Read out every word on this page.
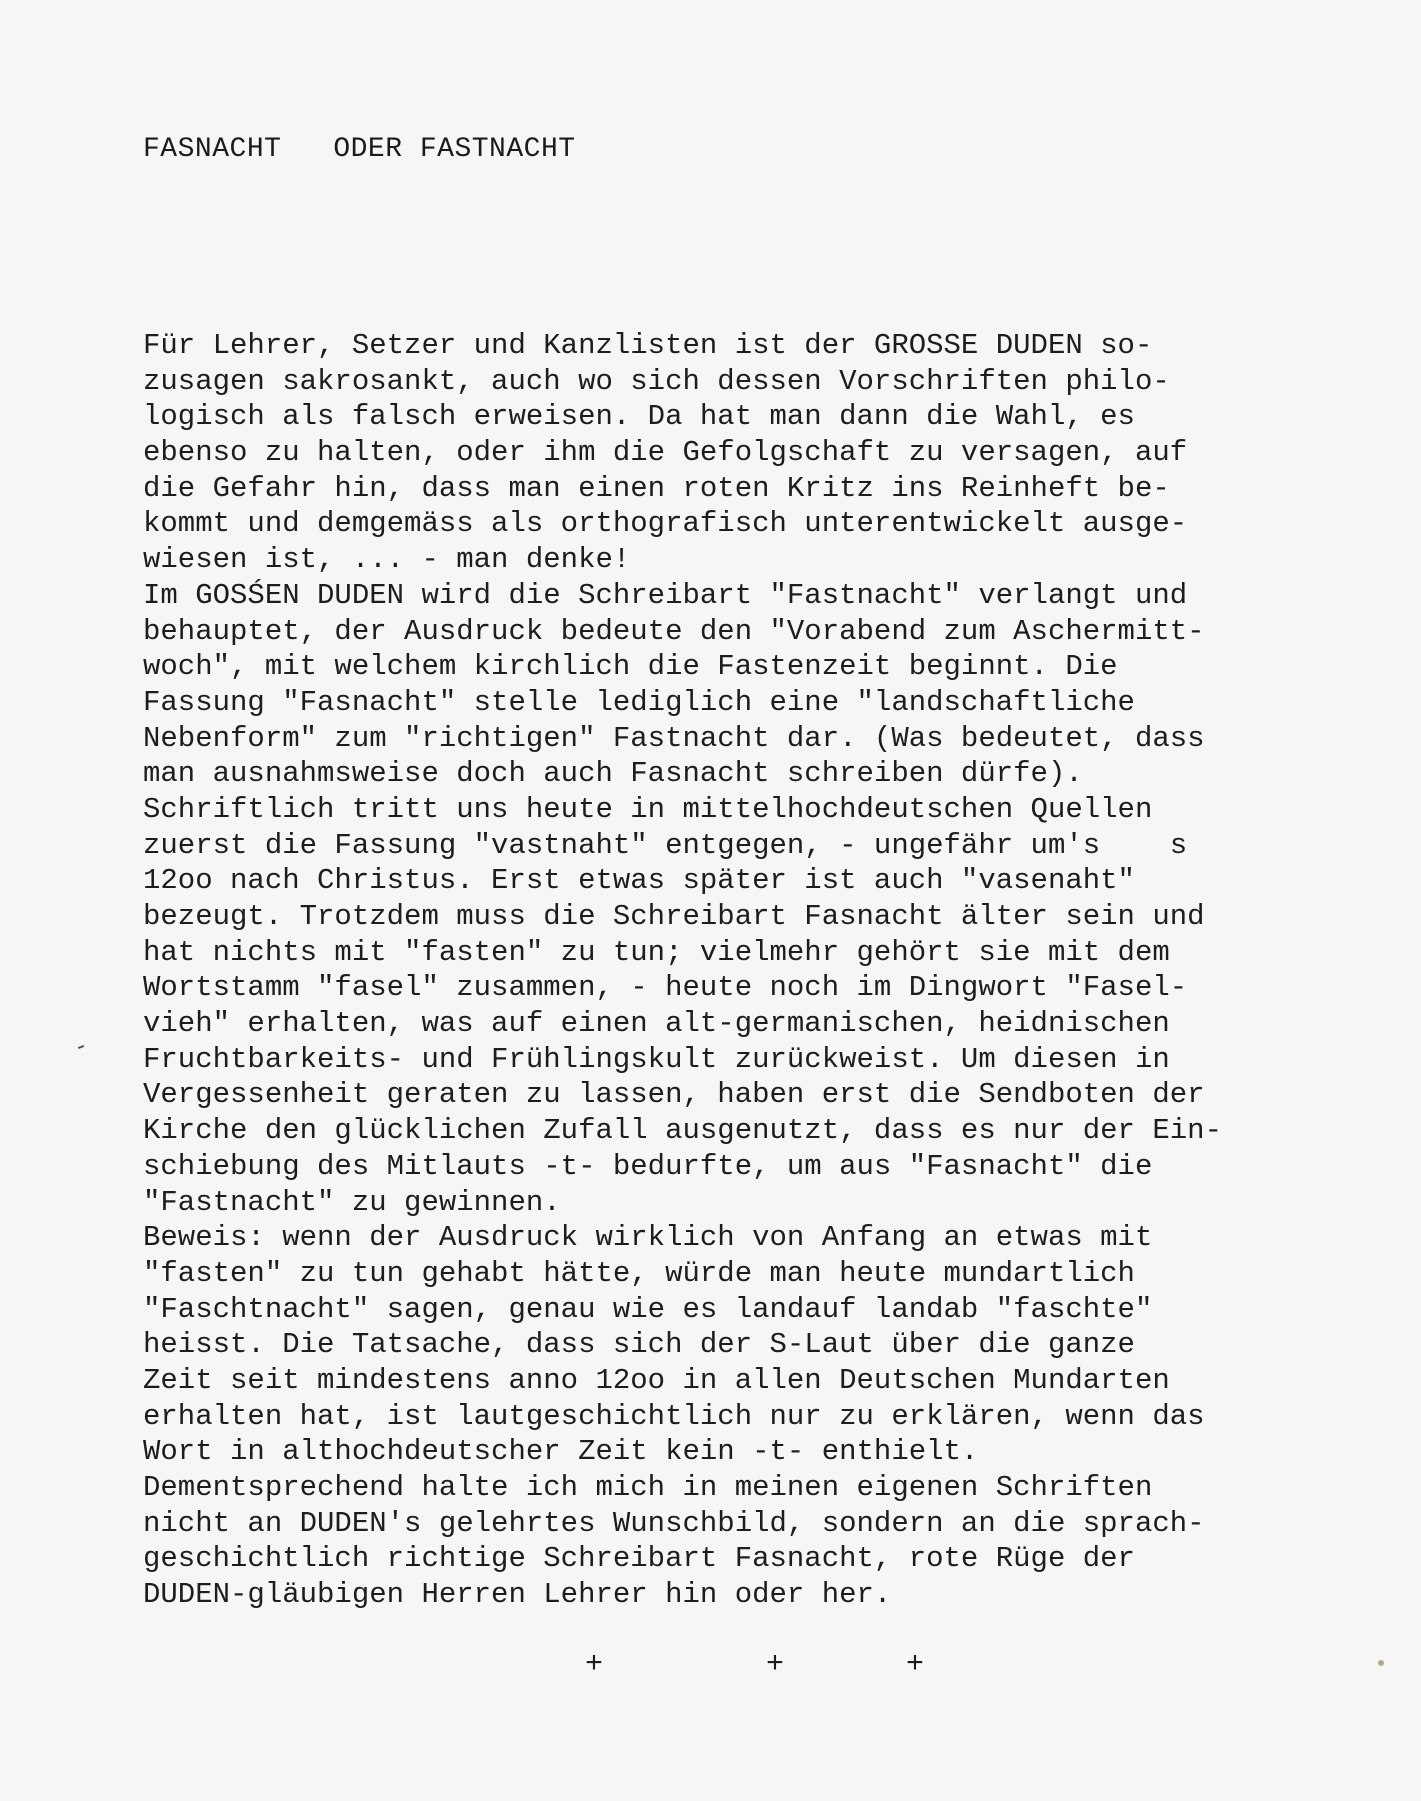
FASNACHT   ODER FASTNACHT
Für Lehrer, Setzer und Kanzlisten ist der GROSSE DUDEN so-
zusagen sakrosankt, auch wo sich dessen Vorschriften philo-
logisch als falsch erweisen. Da hat man dann die Wahl, es
ebenso zu halten, oder ihm die Gefolgschaft zu versagen, auf
die Gefahr hin, dass man einen roten Kritz ins Reinheft be-
kommt und demgemäss als orthografisch unterentwickelt ausge-
wiesen ist, ... - man denke!
Im GOSŚEN DUDEN wird die Schreibart "Fastnacht" verlangt und
behauptet, der Ausdruck bedeute den "Vorabend zum Aschermitt-
woch", mit welchem kirchlich die Fastenzeit beginnt. Die
Fassung "Fasnacht" stelle lediglich eine "landschaftliche
Nebenform" zum "richtigen" Fastnacht dar. (Was bedeutet, dass
man ausnahmsweise doch auch Fasnacht schreiben dürfe).
Schriftlich tritt uns heute in mittelhochdeutschen Quellen
zuerst die Fassung "vastnaht" entgegen, - ungefähr um's    s
12oo nach Christus. Erst etwas später ist auch "vasenaht"
bezeugt. Trotzdem muss die Schreibart Fasnacht älter sein und
hat nichts mit "fasten" zu tun; vielmehr gehört sie mit dem
Wortstamm "fasel" zusammen, - heute noch im Dingwort "Fasel-
vieh" erhalten, was auf einen alt-germanischen, heidnischen
Fruchtbarkeits- und Frühlingskult zurückweist. Um diesen in
Vergessenheit geraten zu lassen, haben erst die Sendboten der
Kirche den glücklichen Zufall ausgenutzt, dass es nur der Ein-
schiebung des Mitlauts -t- bedurfte, um aus "Fasnacht" die
"Fastnacht" zu gewinnen.
Beweis: wenn der Ausdruck wirklich von Anfang an etwas mit
"fasten" zu tun gehabt hätte, würde man heute mundartlich
"Faschtnacht" sagen, genau wie es landauf landab "faschte"
heisst. Die Tatsache, dass sich der S-Laut über die ganze
Zeit seit mindestens anno 12oo in allen Deutschen Mundarten
erhalten hat, ist lautgeschichtlich nur zu erklären, wenn das
Wort in althochdeutscher Zeit kein -t- enthielt.
Dementsprechend halte ich mich in meinen eigenen Schriften
nicht an DUDEN's gelehrtes Wunschbild, sondern an die sprach-
geschichtlich richtige Schreibart Fasnacht, rote Rüge der
DUDEN-gläubigen Herren Lehrer hin oder her.
+	+	+
